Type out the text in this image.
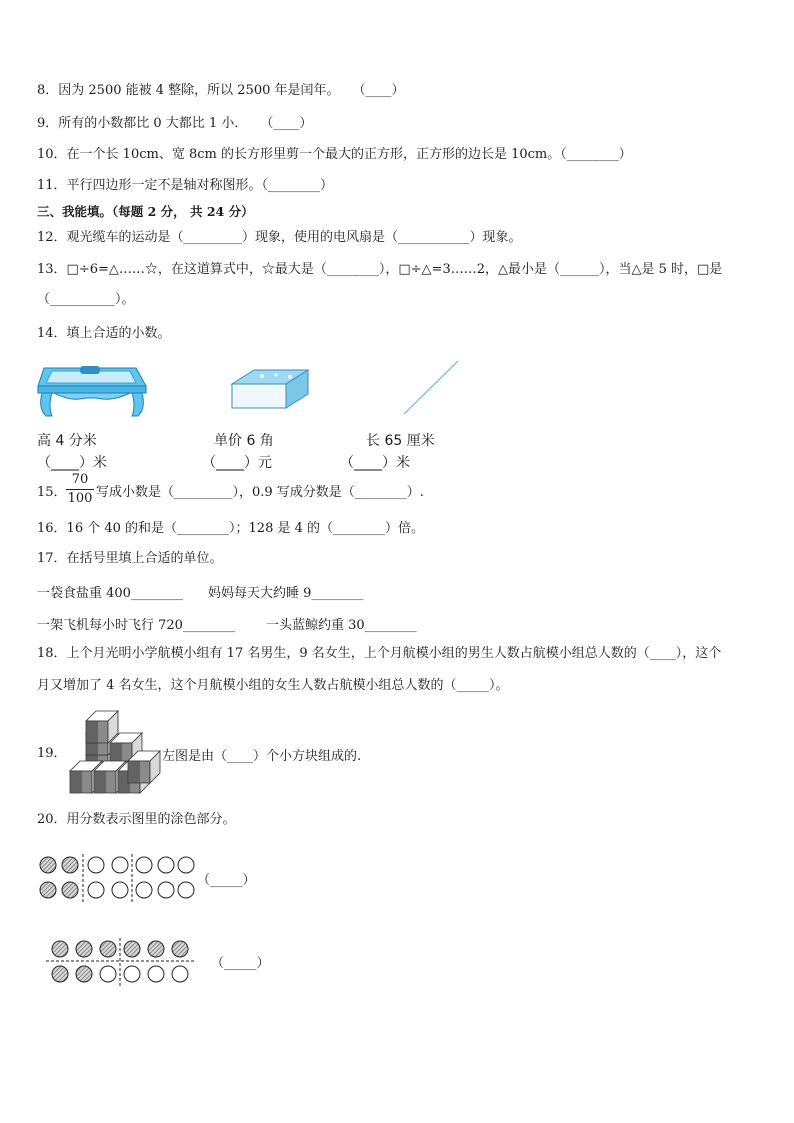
8．因为 2500 能被 4 整除，所以 2500 年是闰年。　　（____）
9．所有的小数都比 0 大都比 1 小．　　（____）
10．在一个长 10cm、宽 8cm 的长方形里剪一个最大的正方形，正方形的边长是 10cm。（________）
11．平行四边形一定不是轴对称图形。（________）
三、我能填。（每题 2 分， 共 24 分）
12．观光缆车的运动是（_________）现象，使用的电风扇是（___________）现象。
13．□÷6=△……☆，在这道算式中，☆最大是（________），□÷△=3……2，△最小是（______），当△是 5 时，□是
（__________）。
14．填上合适的小数。
高 4 分米	单价 6 角	长 65 厘米
（____）米	（____）元	（____）米
15．
70
100 写成小数是（_________），0.9 写成分数是（________）.
16．16 个 40 的和是（________）；128 是 4 的（________）倍。
17．在括号里填上合适的单位。
一袋食盐重 400________ 妈妈每天大约睡 9________
一架飞机每小时飞行 720________ 一头蓝鲸约重 30________
18．上个月光明小学航模小组有 17 名男生，9 名女生，上个月航模小组的男生人数占航模小组总人数的（____），这个
月又增加了 4 名女生，这个月航模小组的女生人数占航模小组总人数的（_____）。
19．	左图是由（____）个小方块组成的.
20．用分数表示图里的涂色部分。
（_____）
（_____）
